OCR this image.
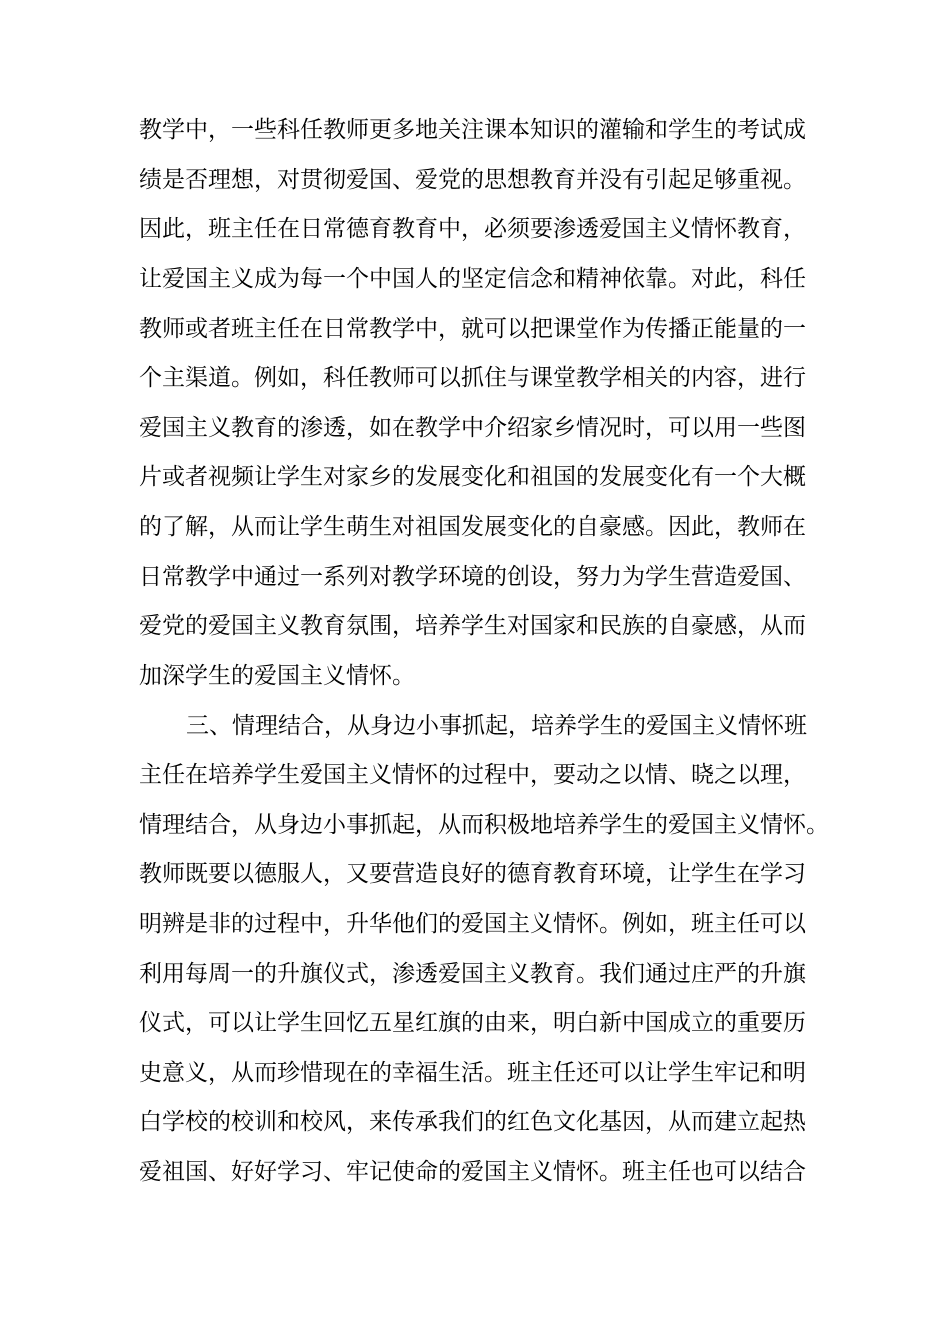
教学中，一些科任教师更多地关注课本知识的灌输和学生的考试成
绩是否理想，对贯彻爱国、爱党的思想教育并没有引起足够重视。
因此，班主任在日常德育教育中，必须要渗透爱国主义情怀教育，
让爱国主义成为每一个中国人的坚定信念和精神依靠。对此，科任
教师或者班主任在日常教学中，就可以把课堂作为传播正能量的一
个主渠道。例如，科任教师可以抓住与课堂教学相关的内容，进行
爱国主义教育的渗透，如在教学中介绍家乡情况时，可以用一些图
片或者视频让学生对家乡的发展变化和祖国的发展变化有一个大概
的了解，从而让学生萌生对祖国发展变化的自豪感。因此，教师在
日常教学中通过一系列对教学环境的创设，努力为学生营造爱国、
爱党的爱国主义教育氛围，培养学生对国家和民族的自豪感，从而
加深学生的爱国主义情怀。
三、情理结合，从身边小事抓起，培养学生的爱国主义情怀班
主任在培养学生爱国主义情怀的过程中，要动之以情、晓之以理，
情理结合，从身边小事抓起，从而积极地培养学生的爱国主义情怀。
教师既要以德服人，又要营造良好的德育教育环境，让学生在学习
明辨是非的过程中，升华他们的爱国主义情怀。例如，班主任可以
利用每周一的升旗仪式，渗透爱国主义教育。我们通过庄严的升旗
仪式，可以让学生回忆五星红旗的由来，明白新中国成立的重要历
史意义，从而珍惜现在的幸福生活。班主任还可以让学生牢记和明
白学校的校训和校风，来传承我们的红色文化基因，从而建立起热
爱祖国、好好学习、牢记使命的爱国主义情怀。班主任也可以结合
